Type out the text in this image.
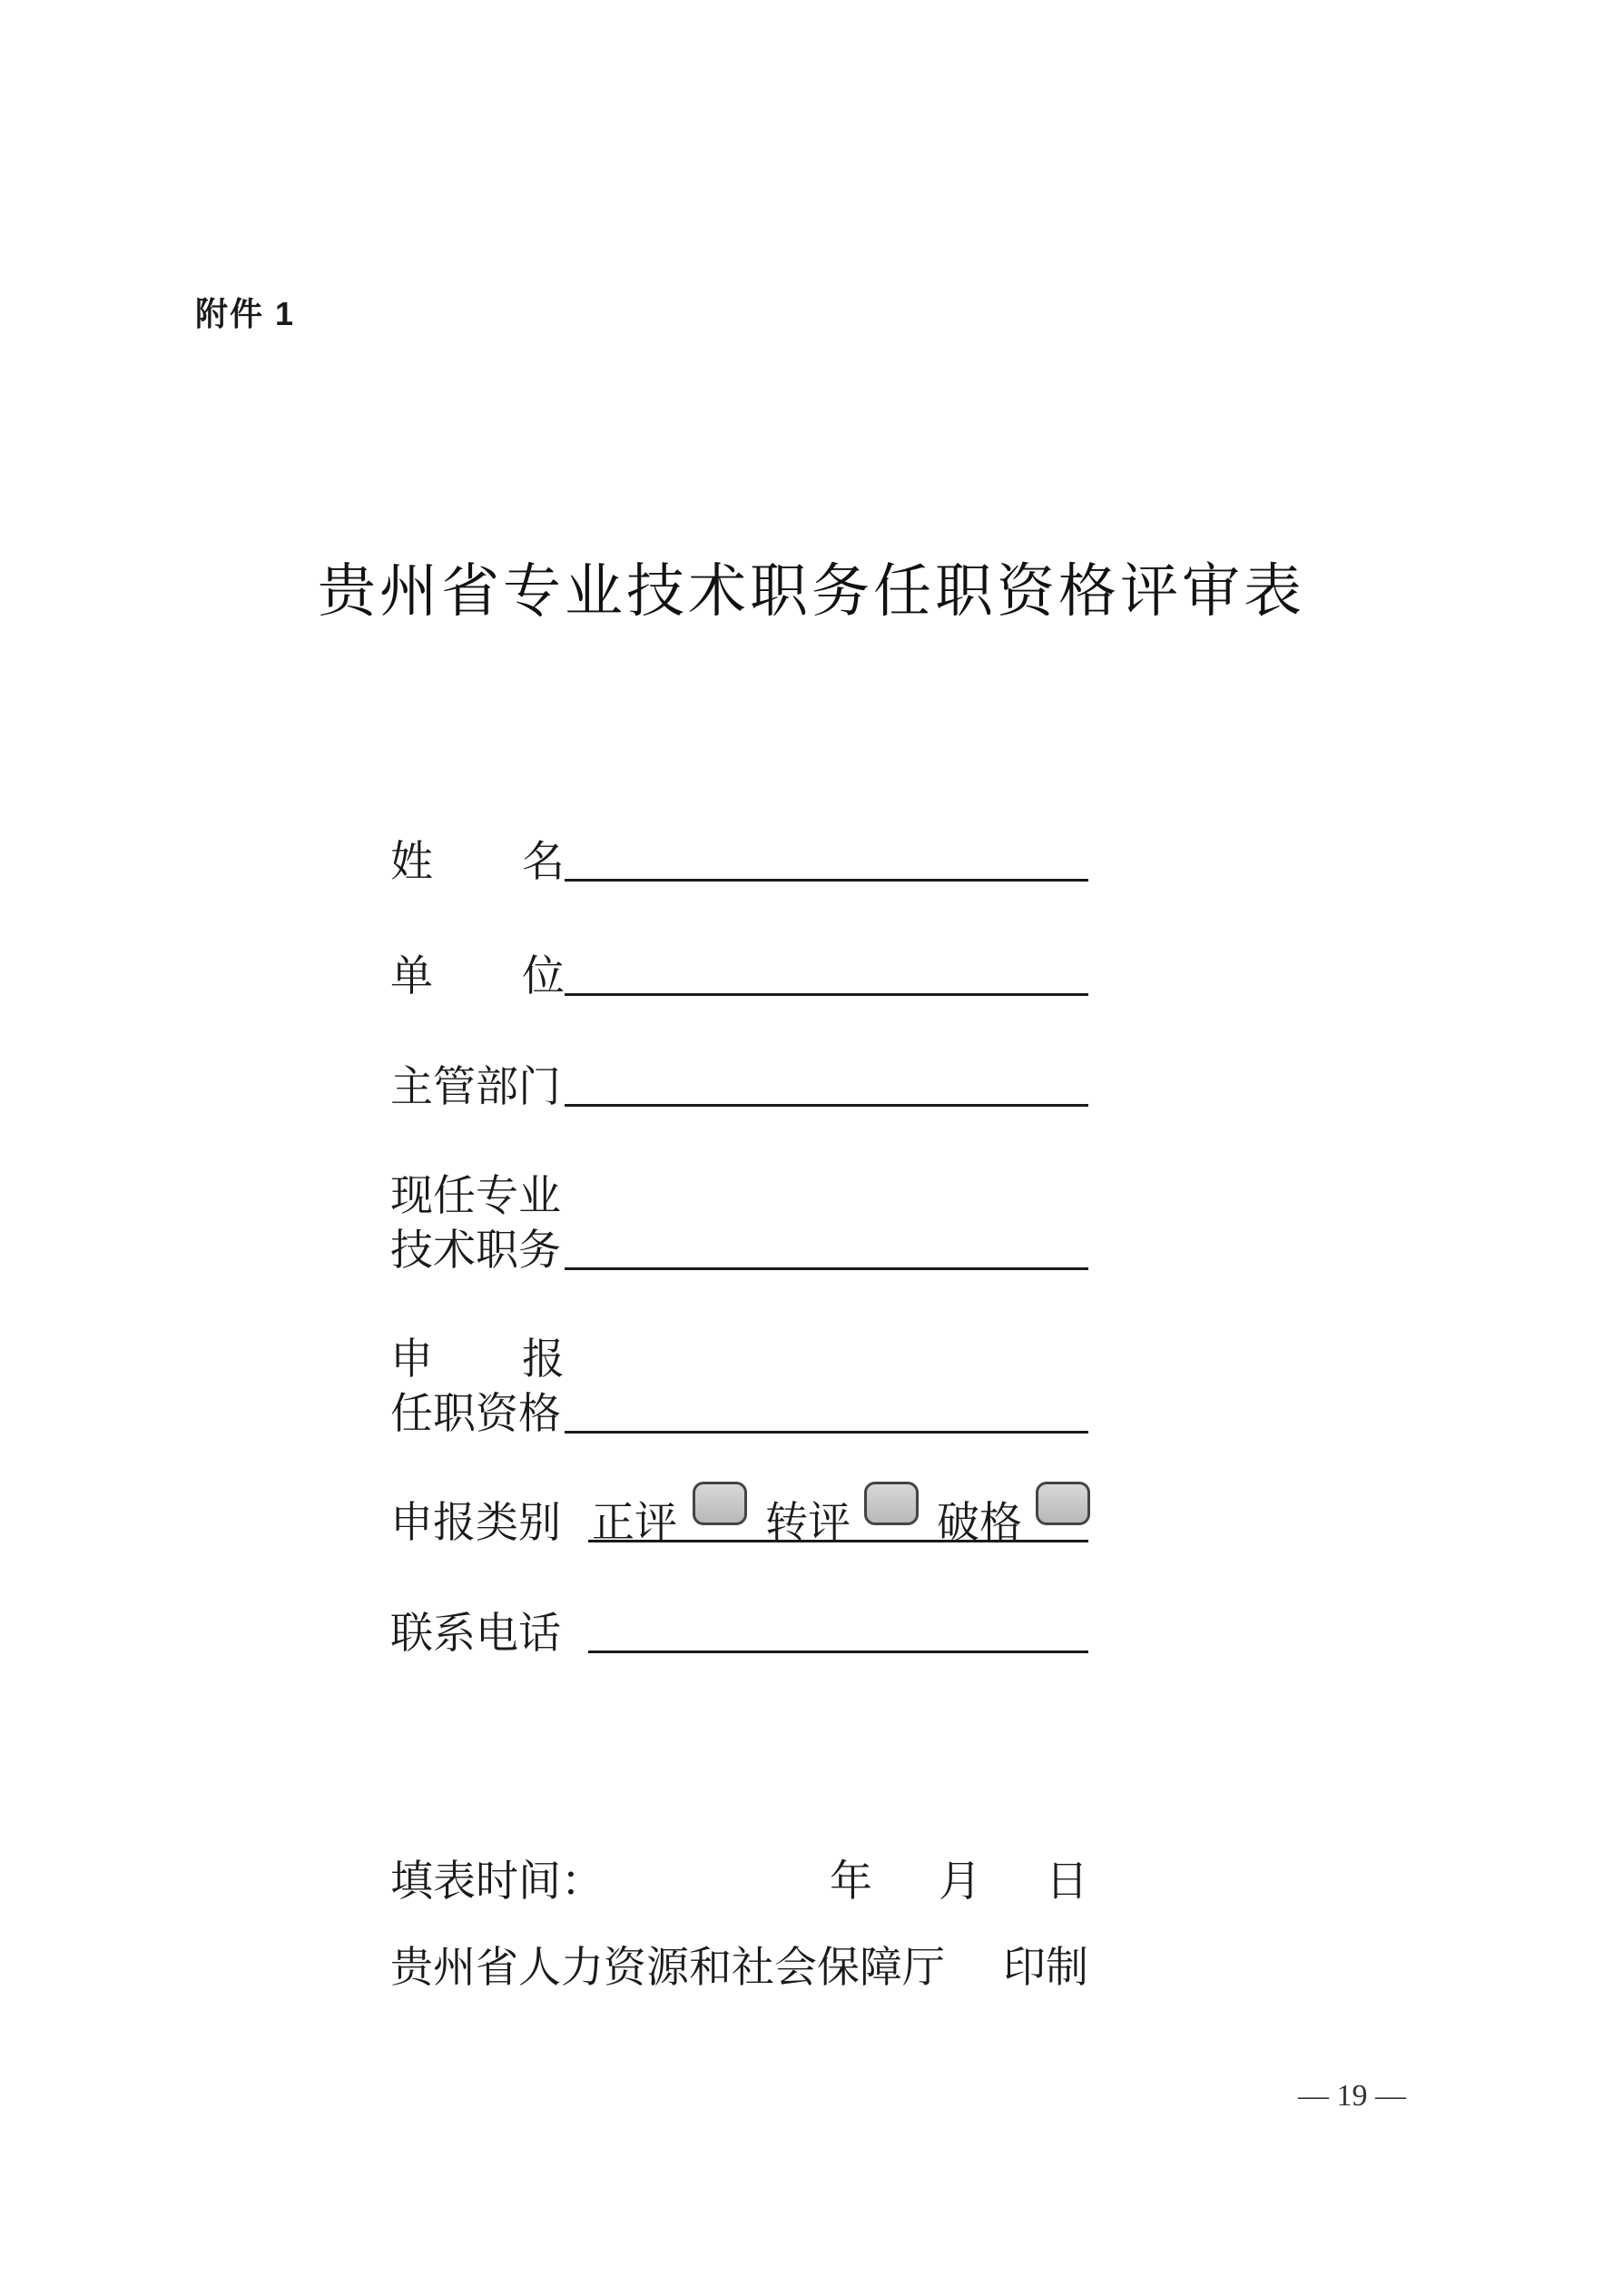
附件 1
贵州省专业技术职务任职资格评审表
姓 名
单 位
主管部门
现任专业
技术职务
申 报
任职资格
申报类别 正评 转评 破格
联系电话
填表时间：	年 月 日
贵州省人力资源和社会保障厅 印制
— 19 —
